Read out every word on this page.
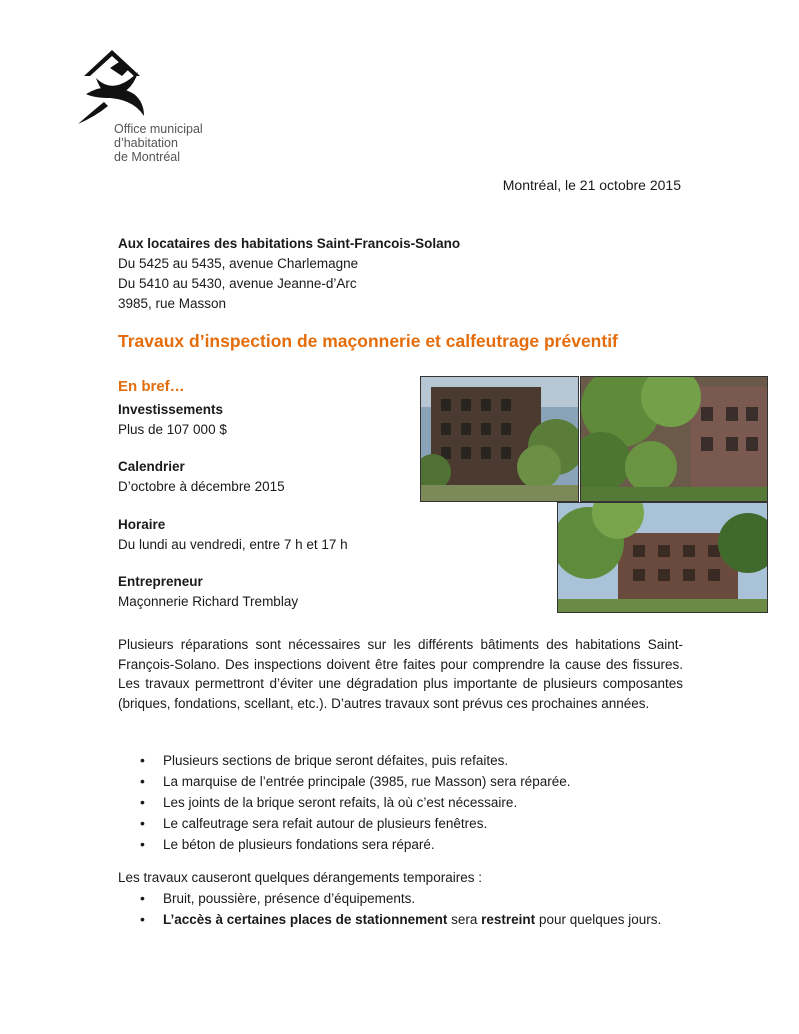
Office municipal
d’habitation
de Montréal
Montréal, le 21 octobre 2015
Aux locataires des habitations Saint-Francois-Solano
Du 5425 au 5435, avenue Charlemagne
Du 5410 au 5430, avenue Jeanne-d’Arc
3985, rue Masson
Travaux d’inspection de maçonnerie et calfeutrage préventif
En bref…
Investissements
Plus de 107 000 $
Calendrier
D’octobre à décembre 2015
Horaire
Du lundi au vendredi, entre 7 h et 17 h
Entrepreneur
Maçonnerie Richard Tremblay
Plusieurs réparations sont nécessaires sur les différents bâtiments des habitations Saint-François-Solano. Des inspections doivent être faites pour comprendre la cause des fissures. Les travaux permettront d’éviter une dégradation plus importante de plusieurs composantes (briques, fondations, scellant, etc.). D’autres travaux sont prévus ces prochaines années.
• Plusieurs sections de brique seront défaites, puis refaites.
• La marquise de l’entrée principale (3985, rue Masson) sera réparée.
• Les joints de la brique seront refaits, là où c’est nécessaire.
• Le calfeutrage sera refait autour de plusieurs fenêtres.
• Le béton de plusieurs fondations sera réparé.
Les travaux causeront quelques dérangements temporaires :
• Bruit, poussière, présence d’équipements.
• L’accès à certaines places de stationnement sera restreint pour quelques jours.
